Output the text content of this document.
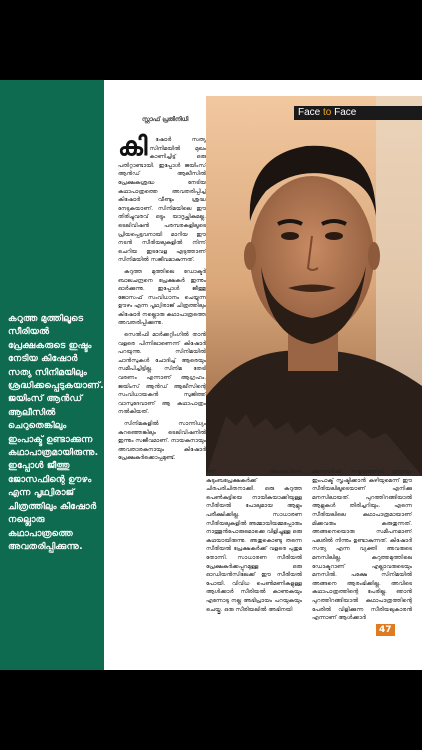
കറുത്ത മുത്തിലൂടെ സീരിയൽ പ്രേക്ഷകരുടെ ഇഷ്ടം നേടിയ കിഷോർ സത്യ സിനിമയിലും ശ്രദ്ധിക്കപ്പെടുകയാണ്. ജയിംസ് ആൻഡ് ആലീസിൽ ചെറുതെങ്കിലും ഇംപാക്ട് ഉണ്ടാക്കുന്ന കഥാപാത്രമായിരുന്നു. ഇപ്പോൾ ജീത്തു ജോസഫിന്റെ ഊഴം എന്ന പൃഥ്വിരാജ് ചിത്രത്തിലും കിഷോർ നല്ലൊരു കഥാപാത്രത്തെ അവതരിപ്പിക്കുന്നു.

സ്റ്റാഫ് പ്രതിനിധി

കി	ഷോർ സത്യ സിനിമയിൽ മുഖം കാണിച്ചിട്ട് ഒരു പതിറ്റാണ്ടായി. ഇപ്പോൾ ജയിംസ് ആൻഡ് ആലീസിൽ പ്രേക്ഷകശ്രദ്ധ നേടിയ കഥാപാത്രത്തെ അവതരിപ്പിച്ച് കിഷോർ വീണ്ടും ശ്രദ്ധ നേടുകയാണ്. സിനിമയിലെ ഈ തിരിച്ചുവരവ് ഒട്ടും യാദൃച്ഛികമല്ല. ടെലിവിഷൻ പരമ്പരകളിലൂടെ പ്രിയപ്പെട്ടവനായി മാറിയ ഈ നടൻ സീരിയലുകളിൽ നിന്ന് ചെറിയ ഇടവേള എടുത്താണ് സിനിമയിൽ സജീവമാകുന്നത്.

കറുത്ത മുത്തിലെ ഡോക്ടർ ബാലചന്ദ്രനെ പ്രേക്ഷകർ ഇന്നും ഓർക്കുന്നു. ഇപ്പോൾ ജീത്തു ജോസഫ് സംവിധാനം ചെയ്യുന്ന ഊഴം എന്ന പൃഥ്വിരാജ് ചിത്രത്തിലും കിഷോർ നല്ലൊരു കഥാപാത്രത്തെ അവതരിപ്പിക്കുന്നു.

സെൽഫി മാർക്കറ്റിംഗിൽ താൻ വളരെ പിന്നിലാണെന്ന് കിഷോർ പറയുന്നു. സിനിമയിൽ ചാൻസുകൾ ചോദിച്ച് ആരെയും സമീപിച്ചിട്ടില്ല. സിനിമ തേടി വരണം എന്നാണ് ആഗ്രഹം. ജയിംസ് ആൻഡ് ആലീസിന്റെ സംവിധായകൻ സുജിത്ത് വാസുദേവാണ് ആ കഥാപാത്രം നൽകിയത്.

സിനിമകളിൽ സാന്നിധ്യം കുറഞ്ഞെങ്കിലും ടെലിവിഷനിൽ ഇന്നും സജീവമാണ്. നായകനായും അവതാരകനായും കിഷോർ പ്രേക്ഷകർക്കൊപ്പമുണ്ട്.

Face to Face

ത്ത് കിഷോറിനെ കുടുംബപ്രേക്ഷകർക്ക് ചിരപരിചിതനാക്കി. ഒരു കറുത്ത പെൺകുട്ടിയെ നായികയാക്കിയുള്ള സീരിയൽ പോലുമായ ആളും പരീക്ഷിക്കില്ല. സാധാരണ സീരിയലുകളിൽ അമ്മായിയമ്മപ്പോരും നാത്തൂൻപോരുമൊക്കെ വിളിച്ചുള്ള ഒരു കഥയായിരുന്നു. അതുകൊണ്ടു തന്നെ സീരിയൽ പ്രേക്ഷകർക്ക് വളരെ പുതുമ തോന്നി. സാധാരണ സീരിയൽ പ്രേക്ഷകർക്കപ്പുറമുള്ള ഒരു ഓഡിയൻസിലേക്ക് ഈ സീരിയൽ പോയി. വിവിധ പെൺമണികളുള്ള ആൾക്കാർ സീരിയൽ കാണുകയും എന്നോടു നല്ല അഭിപ്രായം പറയുകയും ചെയ്തു. ഒരു സീരിയലിൽ അഭിനയി

ക്കുന്നവർക്ക് സമൂഹത്തിൽ ഇത്രയും ഇംപാക്ട് സൃഷ്ടിക്കാൻ കഴിയുമെന്ന് ഈ സീരിയലിലൂടെയാണ് എനിക്കു മനസിലായത്. പുറത്തിറങ്ങിയാൽ ആളുകൾ തിരിച്ചറിയും. എന്നെ സീരിയലിലെ കഥാപാത്രമായാണ് മിക്കവരും കരുതുന്നത്. അങ്ങനെയൊരു സമീപനമാണ് പലരിൽ നിന്നും ഉണ്ടാകുന്നത്. കിഷോർ സത്യ എന്ന വ്യക്തി അവരുടെ മനസിലില്ല. കറുത്തമുത്തിലെ ഡോക്ടറാണ് എല്ലാവരുടെയും മനസിൽ. പക്ഷേ സിനിമയിൽ അങ്ങനെ ആരംഭിക്കില്ല. അവിടെ കഥാപാത്രത്തിന്റെ പേരില്ല. ഞാൻ പുറത്തിറങ്ങിയാൽ കഥാപാത്രത്തിന്റെ പേരിൽ വിളിക്കുന്ന സീരിയലുകാരൻ എന്നാണ് ആൾക്കാർ

47
